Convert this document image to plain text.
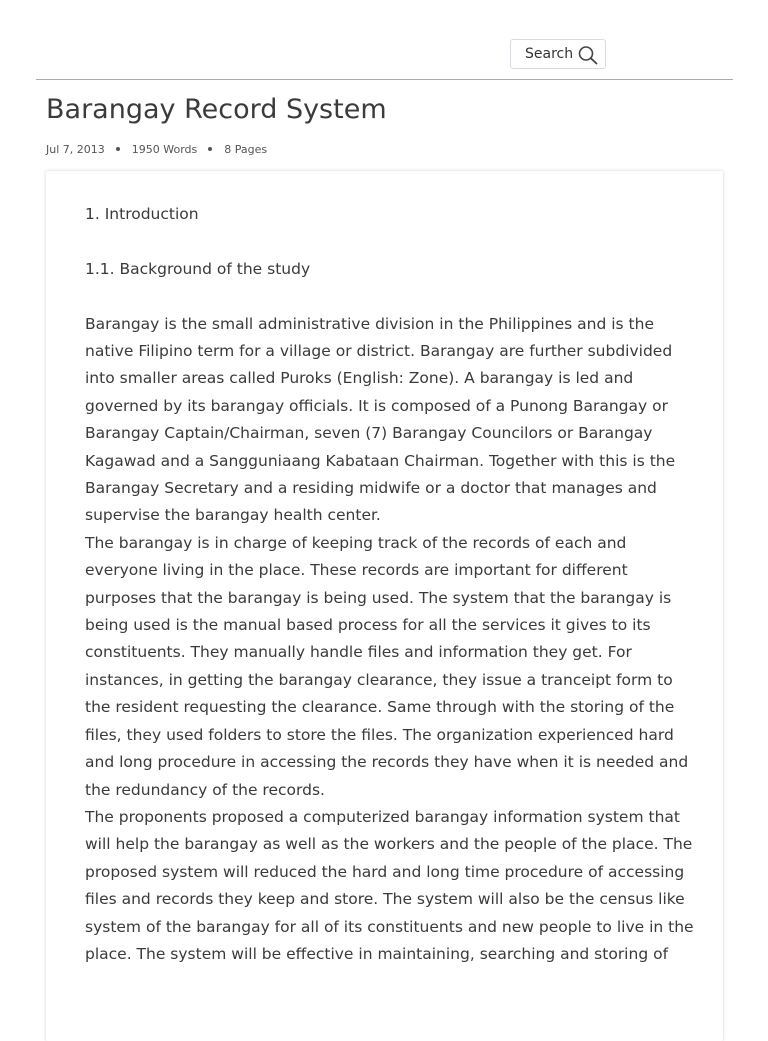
Search
Barangay Record System
Jul 7, 2013 1950 Words 8 Pages

1. Introduction

1.1. Background of the study

Barangay is the small administrative division in the Philippines and is the native Filipino term for a village or district. Barangay are further subdivided into smaller areas called Puroks (English: Zone). A barangay is led and governed by its barangay officials. It is composed of a Punong Barangay or Barangay Captain/Chairman, seven (7) Barangay Councilors or Barangay Kagawad and a Sangguniaang Kabataan Chairman. Together with this is the Barangay Secretary and a residing midwife or a doctor that manages and supervise the barangay health center.

The barangay is in charge of keeping track of the records of each and everyone living in the place. These records are important for different purposes that the barangay is being used. The system that the barangay is being used is the manual based process for all the services it gives to its constituents. They manually handle files and information they get. For instances, in getting the barangay clearance, they issue a tranceipt form to the resident requesting the clearance. Same through with the storing of the files, they used folders to store the files. The organization experienced hard and long procedure in accessing the records they have when it is needed and the redundancy of the records.

The proponents proposed a computerized barangay information system that will help the barangay as well as the workers and the people of the place. The proposed system will reduced the hard and long time procedure of accessing files and records they keep and store. The system will also be the census like system of the barangay for all of its constituents and new people to live in the place. The system will be effective in maintaining, searching and storing of
